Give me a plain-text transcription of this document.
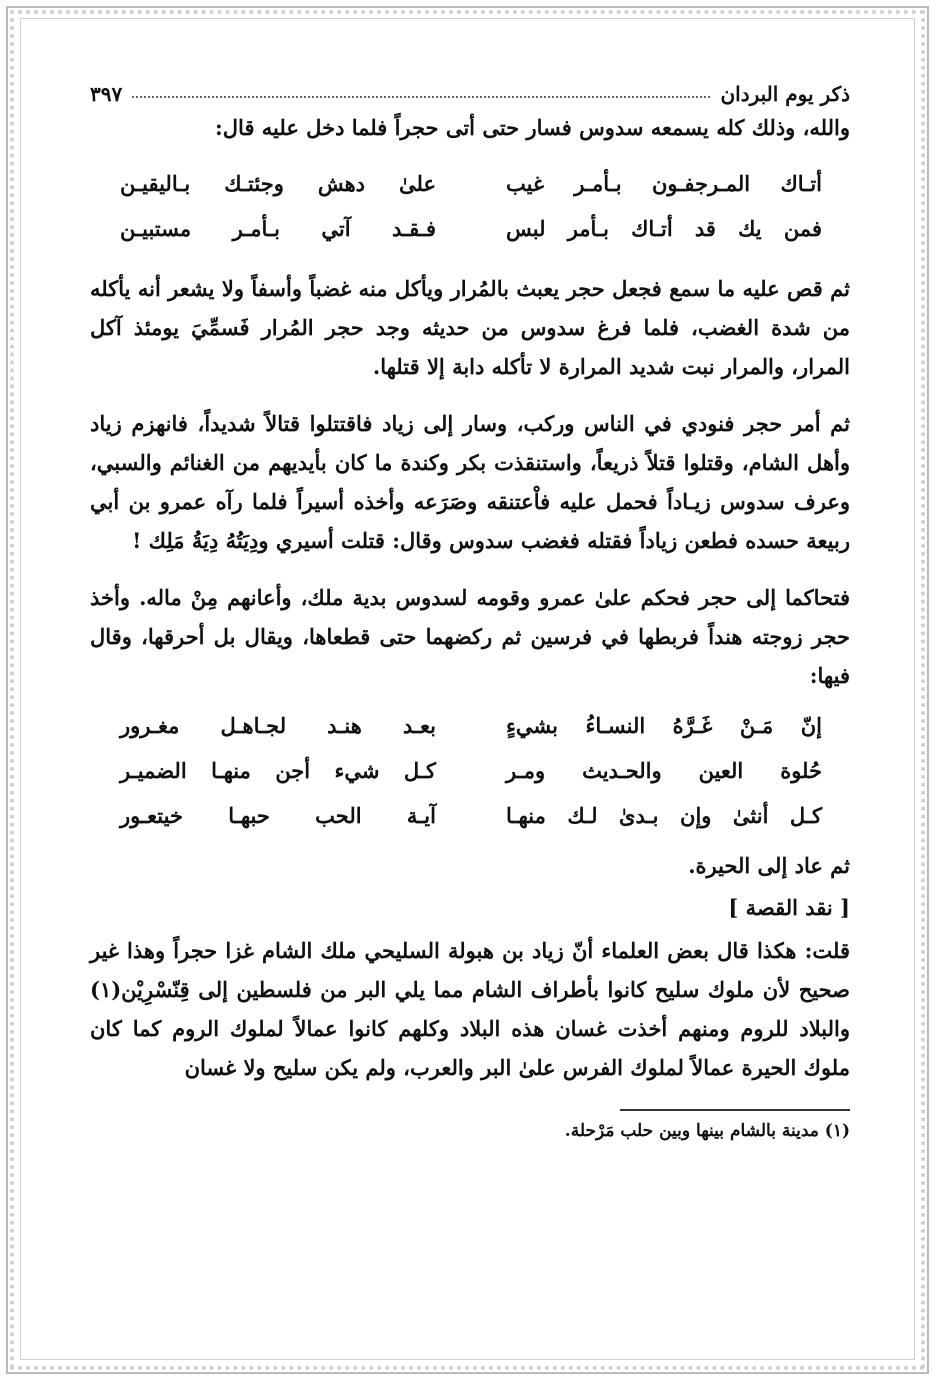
ذكر يوم البردان
٣٩٧

والله، وذلك كله يسمعه سدوس فسار حتى أتى حجراً فلما دخل عليه قال:

أتـاك المـرجفـون بـأمـر غيب
علىٰ دهش وجئتـك بـاليقيـن
فمن يك قد أتـاك بـأمر لبس
فـقـد آتي بـأمـر مستبيـن

ثم قص عليه ما سمع فجعل حجر يعبث بالمُرار ويأكل منه غضباً وأسفاً ولا يشعر أنه يأكله من شدة الغضب، فلما فرغ سدوس من حديثه وجد حجر المُرار فَسمِّيَ يومئذ آكل المرار، والمرار نبت شديد المرارة لا تأكله دابة إلا قتلها.

ثم أمر حجر فنودي في الناس وركب، وسار إلى زياد فاقتتلوا قتالاً شديداً، فانهزم زياد وأهل الشام، وقتلوا قتلاً ذريعاً، واستنقذت بكر وكندة ما كان بأيديهم من الغنائم والسبي، وعرف سدوس زيـاداً فحمل عليه فاْعتنقه وصَرَعه وأخذه أسيراً فلما رآه عمرو بن أبي ربيعة حسده فطعن زياداً فقتله فغضب سدوس وقال: قتلت أسيري ودِيَتُهُ دِيَةُ مَلِك !

فتحاكما إلى حجر فحكم علىٰ عمرو وقومه لسدوس بدية ملك، وأعانهم مِنْ ماله. وأخذ حجر زوجته هنداً فربطها في فرسين ثم ركضهما حتى قطعاها، ويقال بل أحرقها، وقال فيها:

إنّ مَـنْ غَـرَّهُ النسـاءُ بشيءٍ
بعـد هنـد لجـاهـل مغـرور
حُلوة العين والحـديث ومـر
كـل شيء أجن منهـا الضميـر
كـل أنثىٰ وإن بـدىٰ لـك منهـا
آيـة الحب حبهـا خيتعـور

ثم عاد إلى الحيرة.

[ نقد القصة ]

قلت: هكذا قال بعض العلماء أنّ زياد بن هبولة السليحي ملك الشام غزا حجراً وهذا غير صحيح لأن ملوك سليح كانوا بأطراف الشام مما يلي البر من فلسطين إلى قِنّسْرِيْن(١) والبلاد للروم ومنهم أخذت غسان هذه البلاد وكلهم كانوا عمالاً لملوك الروم كما كان ملوك الحيرة عمالاً لملوك الفرس علىٰ البر والعرب، ولم يكن سليح ولا غسان

(١) مدينة بالشام بينها وبين حلب مَرْحلة.
